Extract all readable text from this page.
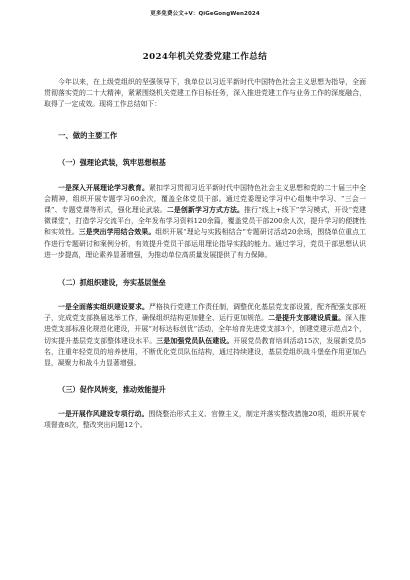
更多免费公文+V：QiGeGongWen2024
2024年机关党委党建工作总结

今年以来，在上级党组织的坚强领导下，我单位以习近平新时代中国特色社会主义思想为指导，全面贯彻落实党的二十大精神，紧紧围绕机关党建工作目标任务，深入推进党建工作与业务工作的深度融合，取得了一定成效。现将工作总结如下：

一、做的主要工作
（一）强理论武装，筑牢思想根基

一是深入开展理论学习教育。紧扣学习贯彻习近平新时代中国特色社会主义思想和党的二十届三中全会精神，组织开展专题学习60余次，覆盖全体党员干部。通过党委理论学习中心组集中学习、“三会一课”、专题党课等形式，强化理论武装。二是创新学习方式方法。推行“线上+线下”学习模式，开设“党建微课堂”，打造学习交流平台，全年发布学习资料120余篇，覆盖党员干部200余人次，提升学习的便捷性和实效性。三是突出学用结合效果。组织开展“理论与实践相结合”专题研讨活动20余场，围绕单位重点工作进行专题研讨和案例分析，有效提升党员干部运用理论指导实践的能力。通过学习，党员干部思想认识进一步提高，理论素养显著增强，为推动单位高质量发展提供了有力保障。

（二）抓组织建设，夯实基层堡垒

一是全面落实组织建设要求。严格执行党建工作责任制，调整优化基层党支部设置，配齐配强支部班子，完成党支部换届选举工作，确保组织结构更加健全、运行更加规范。二是提升支部建设质量。深入推进党支部标准化规范化建设，开展“对标达标创优”活动，全年培育先进党支部3个，创建党建示范点2个，切实提升基层党支部整体建设水平。三是加强党员队伍建设。开展党员教育培训活动15次，发展新党员5名，注重年轻党员的培养使用，不断优化党员队伍结构，通过持续建设，基层党组织战斗堡垒作用更加凸显，凝聚力和战斗力显著增强。

（三）促作风转变，推动效能提升

一是开展作风建设专项行动。围绕整治形式主义、官僚主义，制定并落实整改措施20项，组织开展专项督查8次，整改突出问题12个。
